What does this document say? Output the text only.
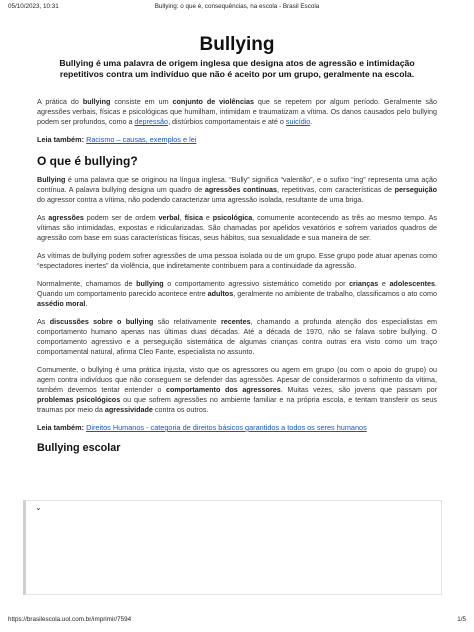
05/10/2023, 10:31	Bullying: o que é, consequências, na escola - Brasil Escola
Bullying
Bullying é uma palavra de origem inglesa que designa atos de agressão e intimidação repetitivos contra um indivíduo que não é aceito por um grupo, geralmente na escola.

A prática do bullying consiste em um conjunto de violências que se repetem por algum período. Geralmente são agressões verbais, físicas e psicológicas que humilham, intimidam e traumatizam a vítima. Os danos causados pelo bullying podem ser profundos, como a depressão, distúrbios comportamentais e até o suicídio.

Leia também: Racismo – causas, exemplos e lei
O que é bullying?

Bullying é uma palavra que se originou na língua inglesa. “Bully” significa “valentão”, e o sufixo “ing” representa uma ação contínua. A palavra bullying designa um quadro de agressões contínuas, repetitivas, com características de perseguição do agressor contra a vítima, não podendo caracterizar uma agressão isolada, resultante de uma briga.

As agressões podem ser de ordem verbal, física e psicológica, comumente acontecendo as três ao mesmo tempo. As vítimas são intimidadas, expostas e ridicularizadas. São chamadas por apelidos vexatórios e sofrem variados quadros de agressão com base em suas características físicas, seus hábitos, sua sexualidade e sua maneira de ser.

As vítimas de bullying podem sofrer agressões de uma pessoa isolada ou de um grupo. Esse grupo pode atuar apenas como “espectadores inertes” da violência, que indiretamente contribuem para a continuidade da agressão.

Normalmente, chamamos de bullying o comportamento agressivo sistemático cometido por crianças e adolescentes. Quando um comportamento parecido acontece entre adultos, geralmente no ambiente de trabalho, classificamos o ato como assédio moral.

As discussões sobre o bullying são relativamente recentes, chamando a profunda atenção dos especialistas em comportamento humano apenas nas últimas duas décadas. Até a década de 1970, não se falava sobre bullying. O comportamento agressivo e a perseguição sistemática de algumas crianças contra outras era visto como um traço comportamental natural, afirma Cleo Fante, especialista no assunto.

Comumente, o bullying é uma prática injusta, visto que os agressores ou agem em grupo (ou com o apoio do grupo) ou agem contra indivíduos que não conseguem se defender das agressões. Apesar de considerarmos o sofrimento da vítima, também devemos tentar entender o comportamento dos agressores. Muitas vezes, são jovens que passam por problemas psicológicos ou que sofrem agressões no ambiente familiar e na própria escola, e tentam transferir os seus traumas por meio da agressividade contra os outros.

Leia também: Direitos Humanos - categoria de direitos básicos garantidos a todos os seres humanos
Bullying escolar
⌄
https://brasilescola.uol.com.br/imprimir/7594	1/5
